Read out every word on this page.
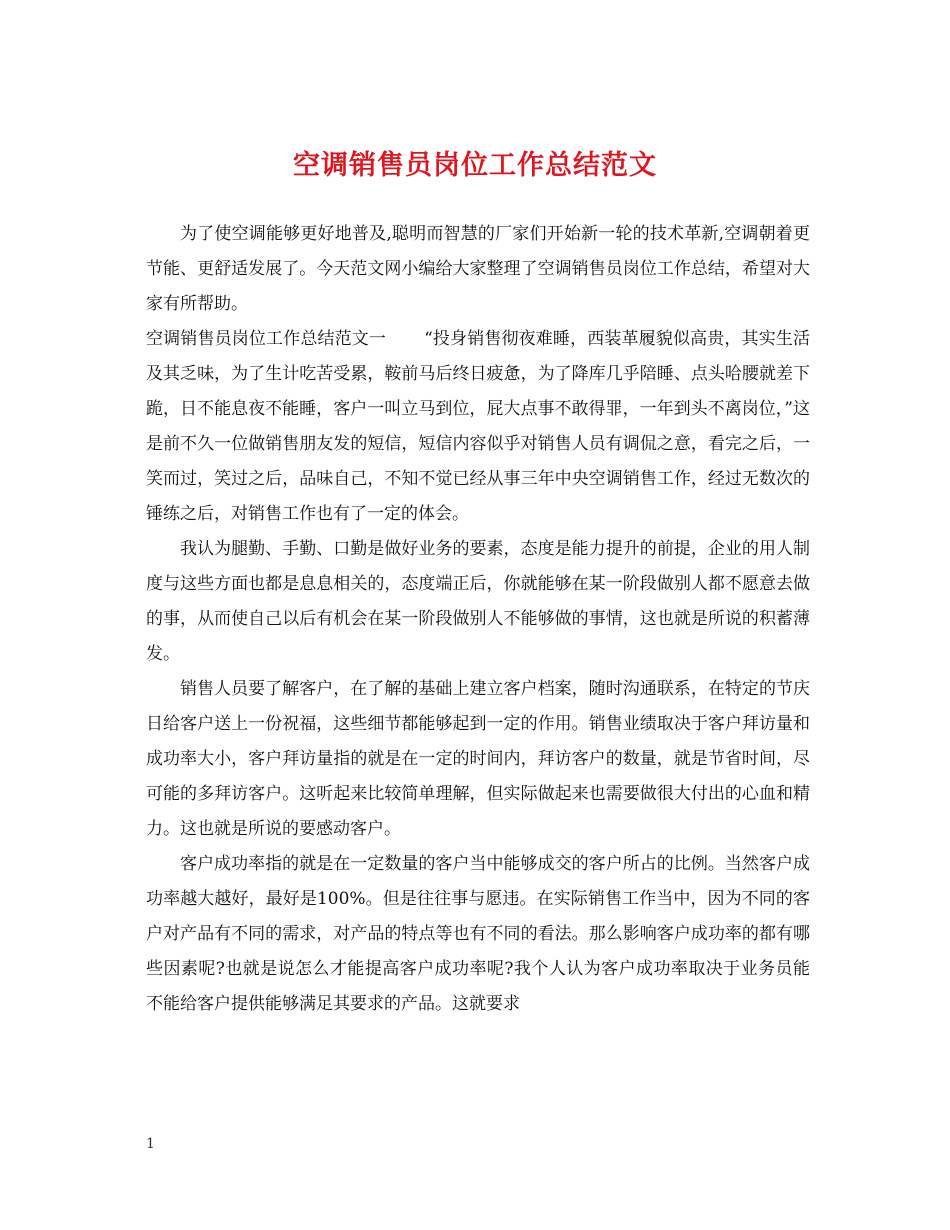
空调销售员岗位工作总结范文

为了使空调能够更好地普及,聪明而智慧的厂家们开始新一轮的技术革新,空调朝着更节能、更舒适发展了。今天范文网小编给大家整理了空调销售员岗位工作总结，希望对大家有所帮助。

空调销售员岗位工作总结范文一 “投身销售彻夜难睡，西装革履貌似高贵，其实生活及其乏味，为了生计吃苦受累，鞍前马后终日疲惫，为了降库几乎陪睡、点头哈腰就差下跪，日不能息夜不能睡，客户一叫立马到位，屁大点事不敢得罪，一年到头不离岗位，”这是前不久一位做销售朋友发的短信，短信内容似乎对销售人员有调侃之意，看完之后，一笑而过，笑过之后，品味自己，不知不觉已经从事三年中央空调销售工作，经过无数次的锤练之后，对销售工作也有了一定的体会。

我认为腿勤、手勤、口勤是做好业务的要素，态度是能力提升的前提，企业的用人制度与这些方面也都是息息相关的，态度端正后，你就能够在某一阶段做别人都不愿意去做的事，从而使自己以后有机会在某一阶段做别人不能够做的事情，这也就是所说的积蓄薄发。

销售人员要了解客户，在了解的基础上建立客户档案，随时沟通联系，在特定的节庆日给客户送上一份祝福，这些细节都能够起到一定的作用。销售业绩取决于客户拜访量和成功率大小，客户拜访量指的就是在一定的时间内，拜访客户的数量，就是节省时间，尽可能的多拜访客户。这听起来比较简单理解，但实际做起来也需要做很大付出的心血和精力。这也就是所说的要感动客户。

客户成功率指的就是在一定数量的客户当中能够成交的客户所占的比例。当然客户成功率越大越好，最好是100%。但是往往事与愿违。在实际销售工作当中，因为不同的客户对产品有不同的需求，对产品的特点等也有不同的看法。那么影响客户成功率的都有哪些因素呢?也就是说怎么才能提高客户成功率呢?我个人认为客户成功率取决于业务员能不能给客户提供能够满足其要求的产品。这就要求

1
